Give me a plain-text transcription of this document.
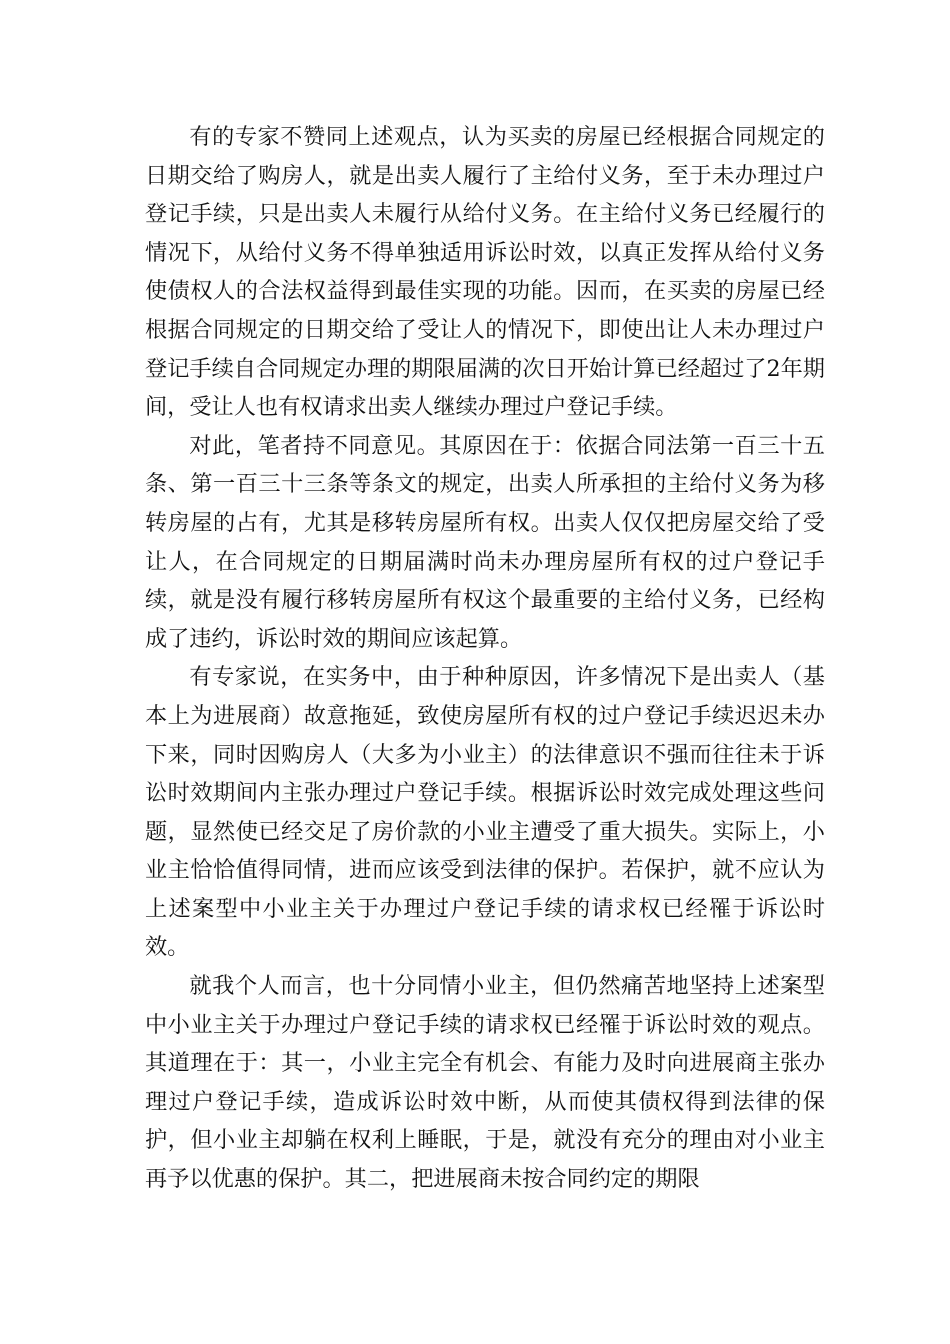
有的专家不赞同上述观点，认为买卖的房屋已经根据合同规定的日期交给了购房人，就是出卖人履行了主给付义务，至于未办理过户登记手续，只是出卖人未履行从给付义务。在主给付义务已经履行的情况下，从给付义务不得单独适用诉讼时效，以真正发挥从给付义务使债权人的合法权益得到最佳实现的功能。因而，在买卖的房屋已经根据合同规定的日期交给了受让人的情况下，即使出让人未办理过户登记手续自合同规定办理的期限届满的次日开始计算已经超过了2年期间，受让人也有权请求出卖人继续办理过户登记手续。

对此，笔者持不同意见。其原因在于：依据合同法第一百三十五条、第一百三十三条等条文的规定，出卖人所承担的主给付义务为移转房屋的占有，尤其是移转房屋所有权。出卖人仅仅把房屋交给了受让人，在合同规定的日期届满时尚未办理房屋所有权的过户登记手续，就是没有履行移转房屋所有权这个最重要的主给付义务，已经构成了违约，诉讼时效的期间应该起算。

有专家说，在实务中，由于种种原因，许多情况下是出卖人（基本上为进展商）故意拖延，致使房屋所有权的过户登记手续迟迟未办下来，同时因购房人（大多为小业主）的法律意识不强而往往未于诉讼时效期间内主张办理过户登记手续。根据诉讼时效完成处理这些问题，显然使已经交足了房价款的小业主遭受了重大损失。实际上，小业主恰恰值得同情，进而应该受到法律的保护。若保护，就不应认为上述案型中小业主关于办理过户登记手续的请求权已经罹于诉讼时效。

就我个人而言，也十分同情小业主，但仍然痛苦地坚持上述案型中小业主关于办理过户登记手续的请求权已经罹于诉讼时效的观点。其道理在于：其一，小业主完全有机会、有能力及时向进展商主张办理过户登记手续，造成诉讼时效中断，从而使其债权得到法律的保护，但小业主却躺在权利上睡眠，于是，就没有充分的理由对小业主再予以优惠的保护。其二，把进展商未按合同约定的期限
